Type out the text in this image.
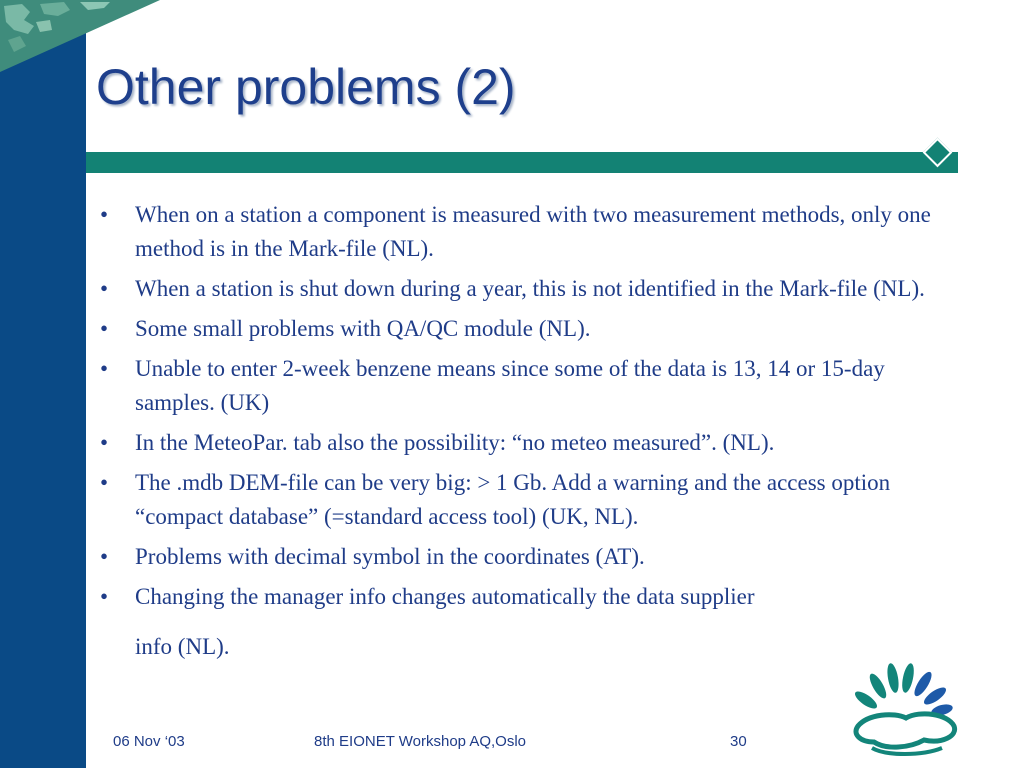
Other problems (2)
• When on a station a component is measured with two measurement methods, only one method is in the Mark-file (NL).
• When a station is shut down during a year, this is not identified in the Mark-file (NL).
• Some small problems with QA/QC module (NL).
• Unable to enter 2-week benzene means since some of the data is 13, 14 or 15-day samples. (UK)
• In the MeteoPar. tab also the possibility: “no meteo measured”. (NL).
• The .mdb DEM-file can be very big: > 1 Gb. Add a warning and the access option “compact database” (=standard access tool) (UK, NL).
• Problems with decimal symbol in the coordinates (AT).
• Changing the manager info changes automatically the data supplier
info (NL).
06 Nov ‘03	8th EIONET Workshop AQ,Oslo	30
